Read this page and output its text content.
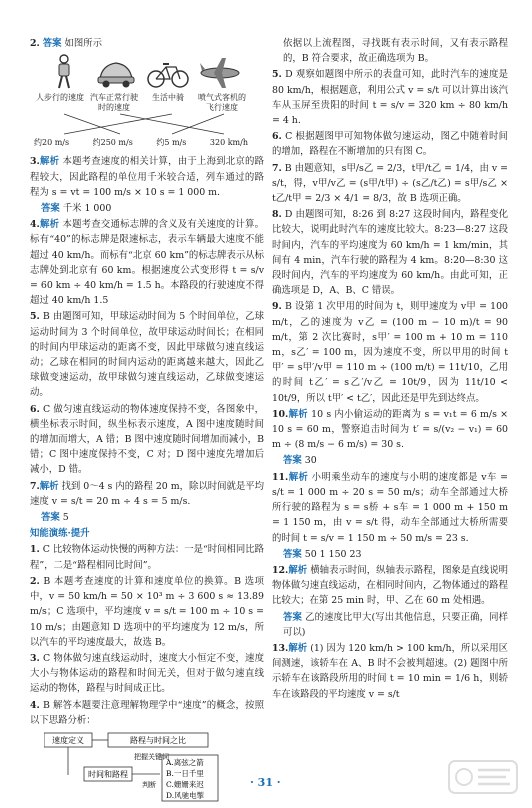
2. 答案 如图所示
人步行的速度 汽车正常行驶时的速度
生活中骑	喷气式客机的飞行速度
约20 m/s	约250 m/s	约5 m/s	320 km/h
3.解析 本题考查速度的相关计算，由于上海到北京的路程较大，因此路程的单位用千米较合适，列车通过的路程为 s = vt = 100 m/s × 10 s = 1 000 m.
答案 千米 1 000
4.解析 本题考查交通标志牌的含义及有关速度的计算。标有“40”的标志牌是限速标志，表示车辆最大速度不能超过 40 km/h。而标有“北京 60 km”的标志牌表示从标志牌处到北京有 60 km。根据速度公式变形得 t = s/v = 60 km ÷ 40 km/h = 1.5 h。本路段的行驶速度不得超过 40 km/h 1.5
5. B 由题图可知，甲球运动时间为 5 个时间单位，乙球运动时间为 3 个时间单位，故甲球运动时间长；在相同的时间内甲球运动的距离不变，因此甲球做匀速直线运动；乙球在相同的时间内运动的距离越来越大，因此乙球做变速运动，故甲球做匀速直线运动，乙球做变速运动。
6. C 做匀速直线运动的物体速度保持不变，各图象中，横坐标表示时间，纵坐标表示速度，A 图中速度随时间的增加而增大，A 错；B 图中速度随时间增加而减小，B 错；C 图中速度保持不变，C 对；D 图中速度先增加后减小，D 错。
7.解析 找到 0～4 s 内的路程 20 m，除以时间就是平均速度 v = s/t = 20 m ÷ 4 s = 5 m/s.
答案 5
知能演练·提升
1. C 比较物体运动快慢的两种方法：一是“时间相同比路程”，二是“路程相同比时间”。
2. B 本题考查速度的计算和速度单位的换算。B 选项中，v = 50 km/h = 50 × 10³ m ÷ 3 600 s ≈ 13.89 m/s；C 选项中，平均速度 v = s/t = 100 m ÷ 10 s = 10 m/s；由题意知 D 选项中的平均速度为 12 m/s，所以汽车的平均速度最大，故选 B。
3. C 物体做匀速直线运动时，速度大小恒定不变，速度大小与物体运动的路程和时间无关，但对于做匀速直线运动的物体，路程与时间成正比。
4. B 解答本题要注意理解物理学中“速度”的概念，按照以下思路分析：
速度定义	路程与时间之比
把握关键词
时间和路程
判断
A.离弦之箭
B.一日千里
C.姗姗来迟
D.风驰电掣
依据以上流程图，寻找既有表示时间，又有表示路程的，B 符合要求，故正确选项为 B。
5. D 观察如题图中所示的表盘可知，此时汽车的速度是 80 km/h，根据题意，利用公式 v = s/t 可以计算出该汽车从玉屏至贵阳的时间 t = s/v = 320 km ÷ 80 km/h = 4 h.
6. C 根据题图甲可知物体做匀速运动，图乙中随着时间的增加，路程在不断增加的只有图 C。
7. B 由题意知，s甲/s乙 = 2/3，t甲/t乙 = 1/4，由 v = s/t，得，v甲/v乙 = (s甲/t甲) ÷ (s乙/t乙) = s甲/s乙 × t乙/t甲 = 2/3 × 4/1 = 8/3，故 B 选项正确。
8. D 由题图可知，8:26 到 8:27 这段时间内，路程变化比较大，说明此时汽车的速度比较大。8:23—8:27 这段时间内，汽车的平均速度为 60 km/h = 1 km/min，其间有 4 min，汽车行驶的路程为 4 km。8:20—8:30 这段时间内，汽车的平均速度为 60 km/h。由此可知，正确选项是 D，A、B、C 错误。
9. B 设第 1 次甲用的时间为 t，则甲速度为 v甲 = 100 m/t，乙的速度为 v乙 = (100 m − 10 m)/t = 90 m/t，第 2 次比赛时，s甲′ = 100 m + 10 m = 110 m，s乙′ = 100 m，因为速度不变，所以甲用的时间 t甲′ = s甲′/v甲 = 110 m ÷ (100 m/t) = 11t/10，乙用的时间 t乙′ = s乙′/v乙 = 10t/9，因为 11t/10 < 10t/9，所以 t甲′ < t乙′，因此还是甲先到达终点。
10.解析 10 s 内小偷运动的距离为 s = v₁t = 6 m/s × 10 s = 60 m，警察追击时间为 t′ = s/(v₂ − v₁) = 60 m ÷ (8 m/s − 6 m/s) = 30 s.
答案 30
11.解析 小明乘坐动车的速度与小明的速度都是 v车 = s/t = 1 000 m ÷ 20 s = 50 m/s；动车全部通过大桥所行驶的路程为 s = s桥 + s车 = 1 000 m + 150 m = 1 150 m，由 v = s/t 得，动车全部通过大桥所需要的时间 t = s/v = 1 150 m ÷ 50 m/s = 23 s.
答案 50 1 150 23
12.解析 横轴表示时间，纵轴表示路程，图象是直线说明物体做匀速直线运动，在相同时间内，乙物体通过的路程比较大；在第 25 min 时，甲、乙在 60 m 处相遇。
答案 乙的速度比甲大(写出其他信息，只要正确，同样可以)
13.解析 (1) 因为 120 km/h > 100 km/h，所以采用区间测速，该轿车在 A、B 时不会被判超速。(2) 题图中所示轿车在该路段所用的时间 t = 10 min = 1/6 h，则轿车在该路段的平均速度 v = s/t
· 31 ·
